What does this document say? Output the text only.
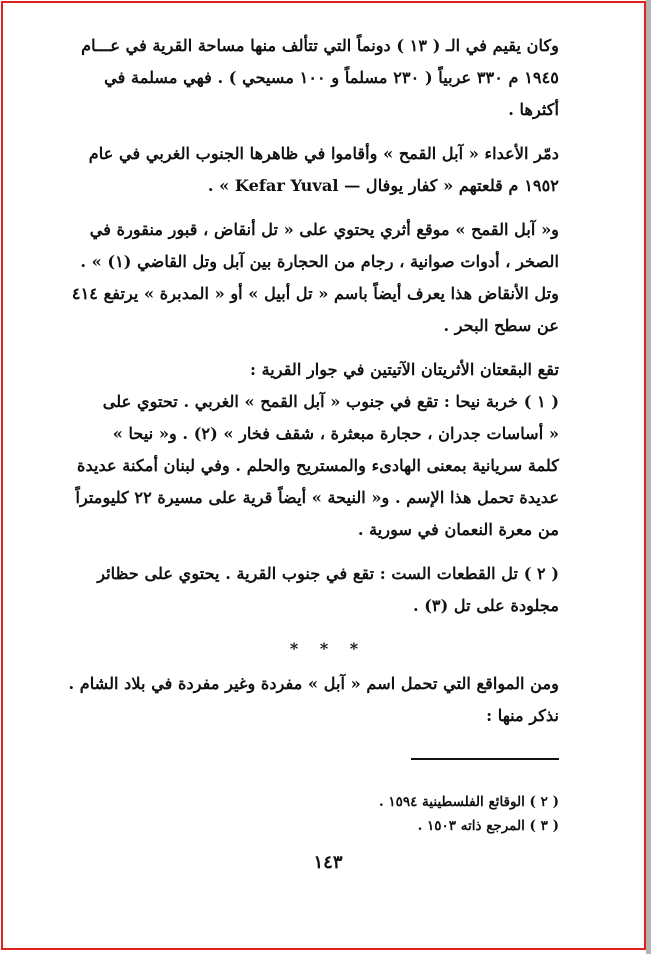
وكان يقيم في الـ ( ١٣ ) دونماً التي تتألف منها مساحة القرية في عـــام
١٩٤٥ م ٣٣٠ عربياً ( ٢٣٠ مسلماً و ١٠٠ مسيحي ) . فهي مسلمة في
أكثرها .
دمّر الأعداء « آبل القمح » وأقاموا في ظاهرها الجنوب الغربي في عام
١٩٥٢ م قلعتهم « كفار يوفال — Kefar Yuval » .
و« آبل القمح » موقع أثري يحتوي على « تل أنقاض ، قبور منقورة في
الصخر ، أدوات صوانية ، رجام من الحجارة بين آبل وتل القاضي (١) » .
وتل الأنقاض هذا يعرف أيضاً باسم « تل أبيل » أو « المدبرة » يرتفع ٤١٤
عن سطح البحر .
تقع البقعتان الأثريتان الآتيتين في جوار القرية :
( ١ ) خربة نيحا : تقع في جنوب « آبل القمح » الغربي . تحتوي على
« أساسات جدران ، حجارة مبعثرة ، شقف فخار » (٢) . و« نيحا »
كلمة سريانية بمعنى الهادىء والمستريح والحلم . وفي لبنان أمكنة عديدة
عديدة تحمل هذا الإسم . و« النيحة » أيضاً قرية على مسيرة ٢٢ كليومتراً
من معرة النعمان في سورية .
( ٢ ) تل القطعات الست : تقع في جنوب القرية . يحتوي على حظائر
مجلودة على تل (٣) .
* * *
ومن المواقع التي تحمل اسم « آبل » مفردة وغير مفردة في بلاد الشام .
نذكر منها :
( ٢ ) الوقائع الفلسطينية ١٥٩٤ .
( ٣ ) المرجع ذاته ١٥٠٣ .
١٤٣
